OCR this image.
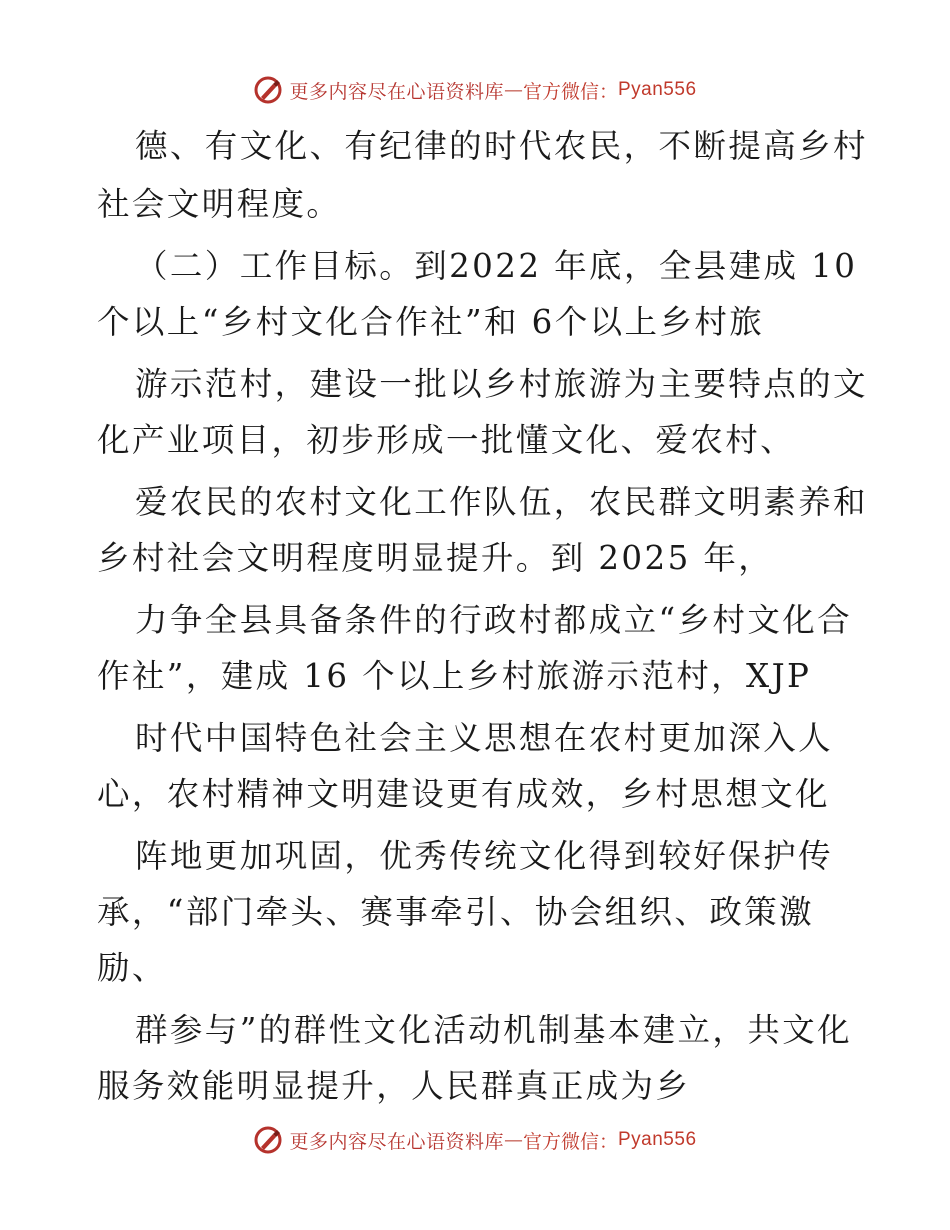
更多内容尽在心语资料库 — 官方微信： Pyan556
德、有文化、有纪律的时代农民，不断提高乡村
社会文明程度。
（二）工作目标。到2022 年底，全县建成 10
个以上“乡村文化合作社”和 6个以上乡村旅
游示范村，建设一批以乡村旅游为主要特点的文
化产业项目，初步形成一批懂文化、爱农村、
爱农民的农村文化工作队伍，农民群文明素养和
乡村社会文明程度明显提升。到 2025 年，
力争全县具备条件的行政村都成立“乡村文化合
作社”，建成 16 个以上乡村旅游示范村，XJP
时代中国特色社会主义思想在农村更加深入人
心，农村精神文明建设更有成效，乡村思想文化
阵地更加巩固，优秀传统文化得到较好保护传
承，“部门牵头、赛事牵引、协会组织、政策激
励、
群参与”的群性文化活动机制基本建立，共文化
服务效能明显提升，人民群真正成为乡
更多内容尽在心语资料库 — 官方微信： Pyan556
